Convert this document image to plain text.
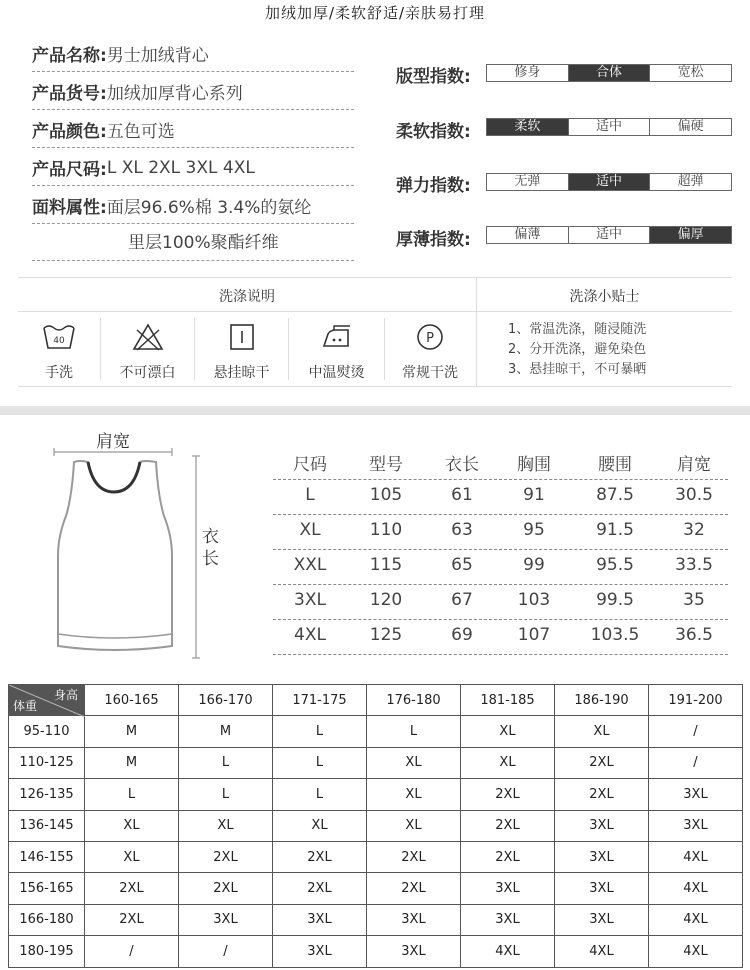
加绒加厚/柔软舒适/亲肤易打理
产品名称: 男士加绒背心
产品货号: 加绒加厚背心系列
产品颜色: 五色可选
产品尺码: L XL 2XL 3XL 4XL
面料属性: 面层96.6%棉 3.4%的氨纶
里层100%聚酯纤维
版型指数:	修身	合体	宽松
柔软指数:	柔软	适中	偏硬
弹力指数:	无弹	适中	超弹
厚薄指数:	偏薄	适中	偏厚
洗涤说明	洗涤小贴士
40
手洗	不可漂白	悬挂晾干	中温熨烫
P
常规干洗
1、常温洗涤，随浸随洗
2、分开洗涤，避免染色
3、悬挂晾干，不可暴晒
肩宽
衣
长
尺码	型号	衣长	胸围	腰围	肩宽
L	105	61	91	87.5	30.5
XL	110	63	95	91.5	32
XXL	115	65	99	95.5	33.5
3XL	120	67	103	99.5	35
4XL	125	69	107	103.5	36.5
身高
体重	160-165	166-170	171-175	176-180	181-185	186-190	191-200
95-110	M	M	L	L	XL	XL	/
110-125	M	L	L	XL	XL	2XL	/
126-135	L	L	L	XL	2XL	2XL	3XL
136-145	XL	XL	XL	XL	2XL	3XL	3XL
146-155	XL	2XL	2XL	2XL	2XL	3XL	4XL
156-165	2XL	2XL	2XL	2XL	3XL	3XL	4XL
166-180	2XL	3XL	3XL	3XL	3XL	3XL	4XL
180-195	/	/	3XL	3XL	4XL	4XL	4XL
